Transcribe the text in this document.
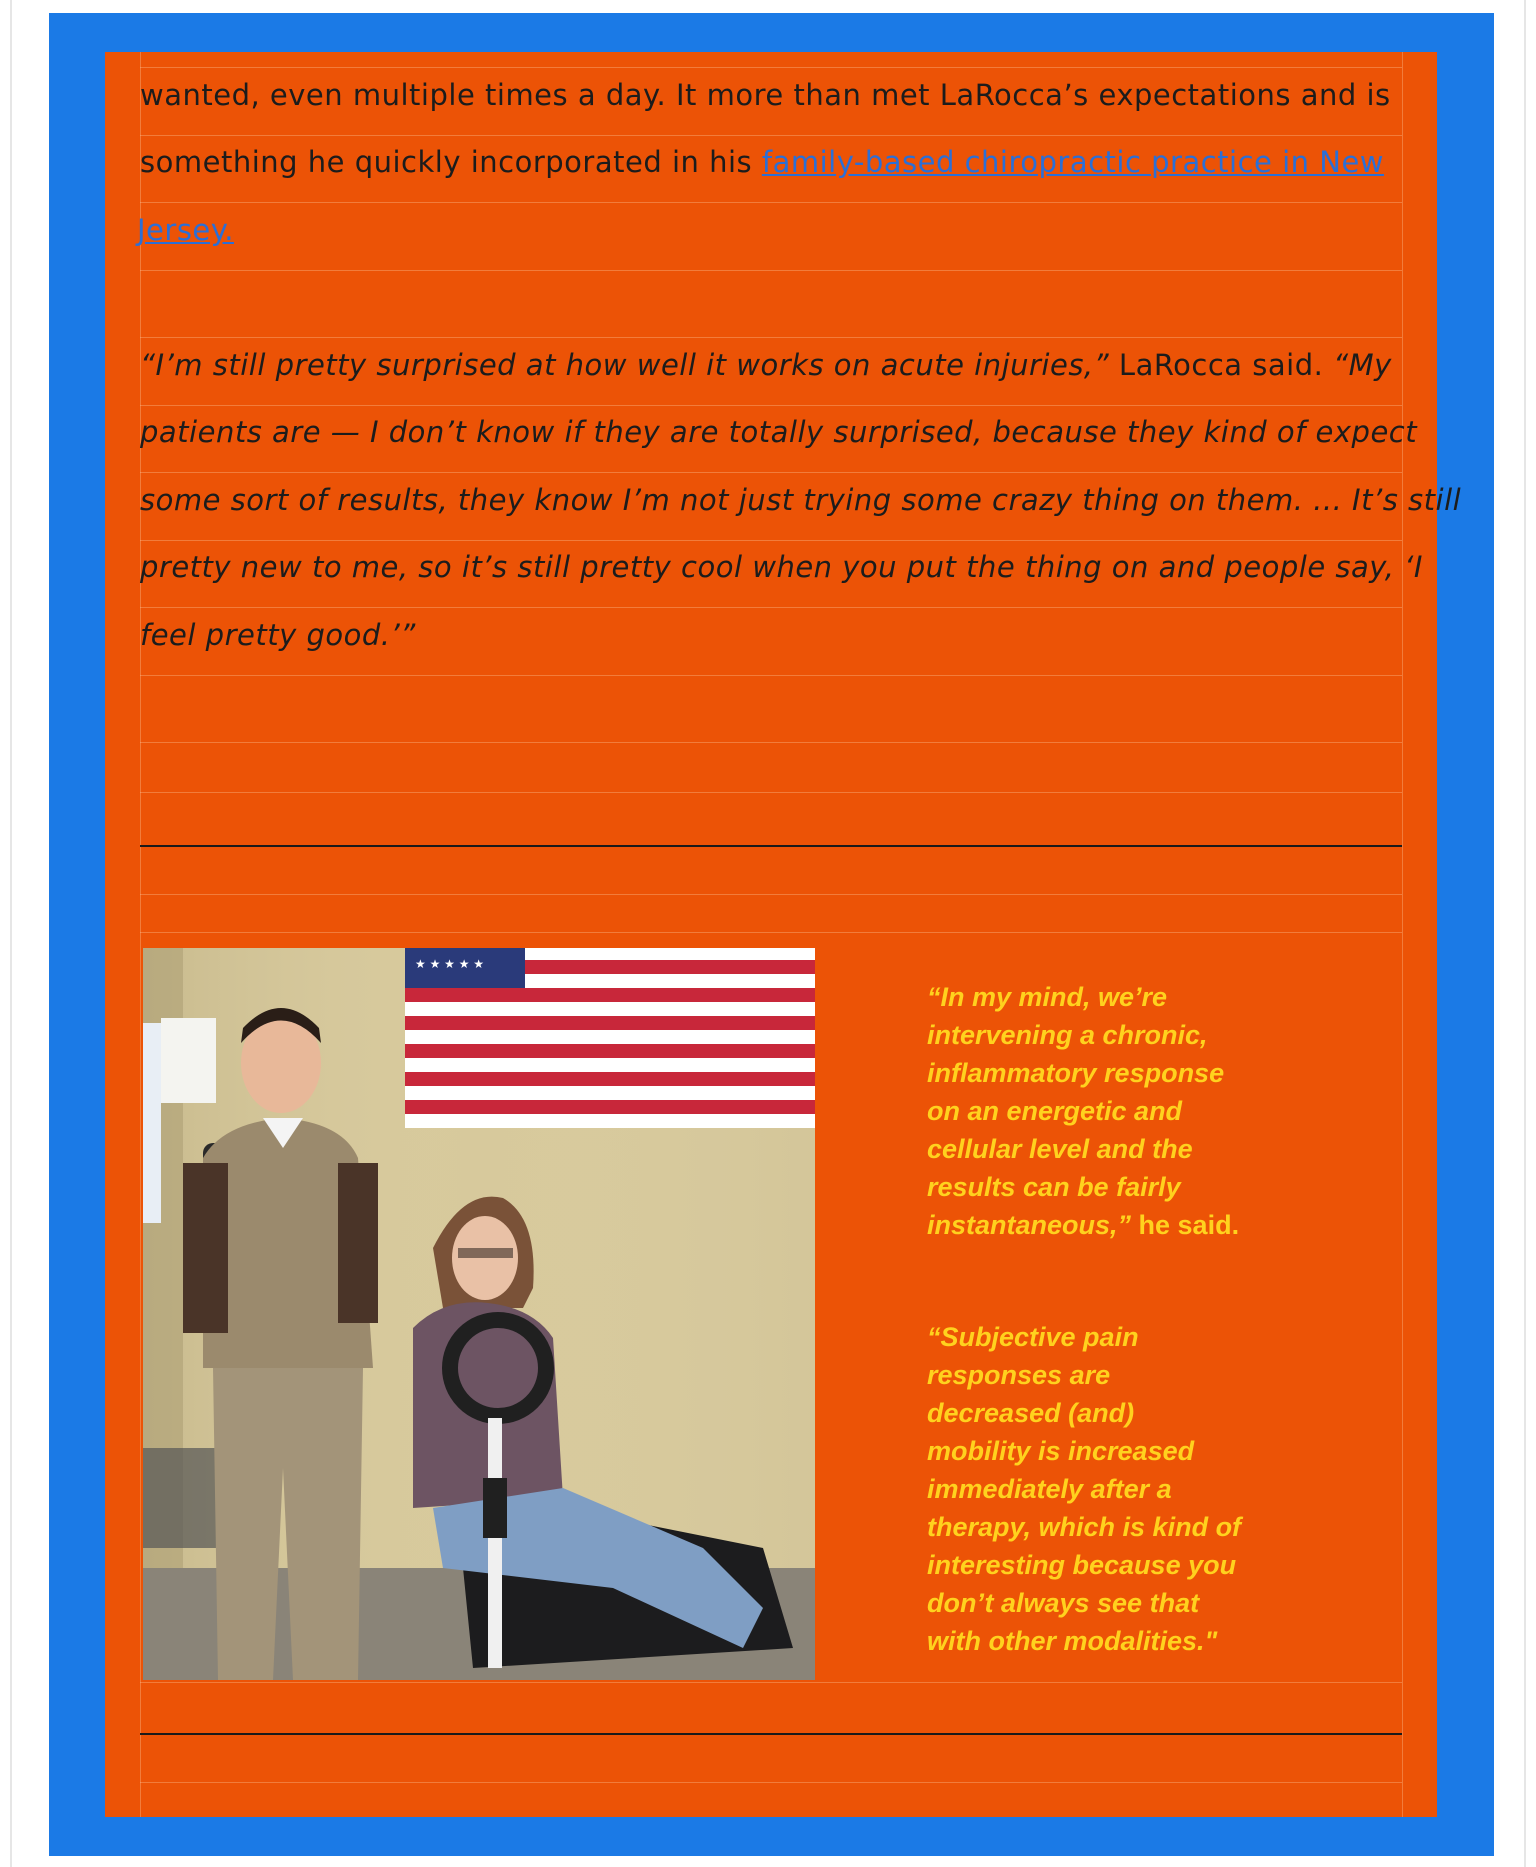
wanted, even multiple times a day. It more than met LaRocca’s expectations and is
something he quickly incorporated in his family-based chiropractic practice in New
Jersey.
“I’m still pretty surprised at how well it works on acute injuries,” LaRocca said. “My
patients are — I don’t know if they are totally surprised, because they kind of expect
some sort of results, they know I’m not just trying some crazy thing on them. ... It’s still
pretty new to me, so it’s still pretty cool when you put the thing on and people say, ‘I
feel pretty good.’”
★ ★ ★ ★ ★
“In my mind, we’re
intervening a chronic,
inflammatory response
on an energetic and
cellular level and the
results can be fairly
instantaneous,” he said.
“Subjective pain
responses are
decreased (and)
mobility is increased
immediately after a
therapy, which is kind of
interesting because you
don’t always see that
with other modalities."
